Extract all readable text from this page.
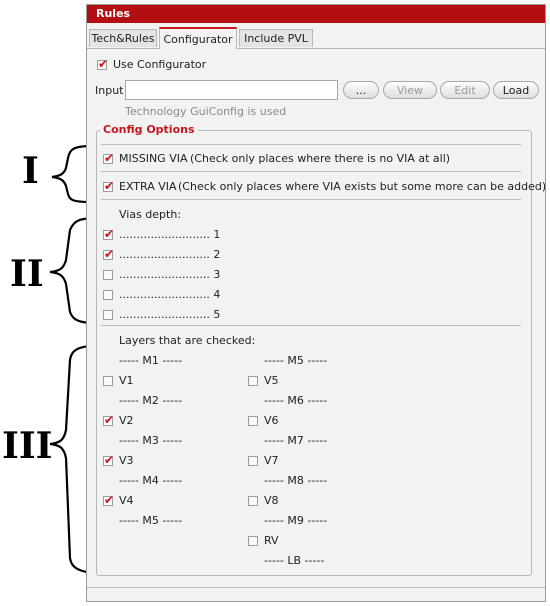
I
II
III
Rules
Tech&Rules Configurator	Include PVL
✔
Use Configurator
Input	...	View	Edit	Load
Technology GuiConfig is used
Config Options
✔
MISSING VIA (Check only places where there is no VIA at all)
✔
EXTRA VIA (Check only places where VIA exists but some more can be added)
Vias depth:
✔
.......................... 1
✔
.......................... 2
.......................... 3
.......................... 4
.......................... 5
Layers that are checked:
----- M1 -----
V1
----- M2 -----
✔
V2
----- M3 -----
✔
V3
----- M4 -----
✔
V4
----- M5 -----
----- M5 -----
V5
----- M6 -----
V6
----- M7 -----
V7
----- M8 -----
V8
----- M9 -----
RV
----- LB -----
